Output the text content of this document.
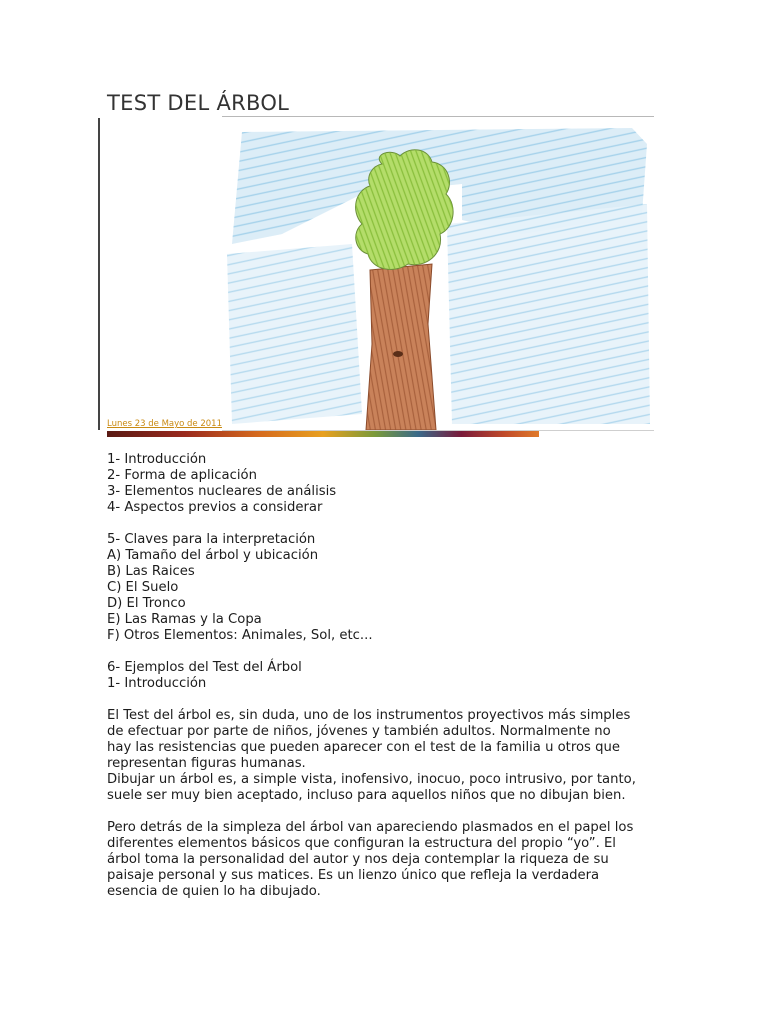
TEST DEL ÁRBOL
Lunes 23 de Mayo de 2011
1- Introducción
2- Forma de aplicación
3- Elementos nucleares de análisis
4- Aspectos previos a considerar
5- Claves para la interpretación
A) Tamaño del árbol y ubicación
B) Las Raices
C) El Suelo
D) El Tronco
E) Las Ramas y la Copa
F) Otros Elementos: Animales, Sol, etc...
6- Ejemplos del Test del Árbol
1- Introducción
El Test del árbol es, sin duda, uno de los instrumentos proyectivos más simples
de efectuar por parte de niños, jóvenes y también adultos. Normalmente no
hay las resistencias que pueden aparecer con el test de la familia u otros que
representan figuras humanas.
Dibujar un árbol es, a simple vista, inofensivo, inocuo, poco intrusivo, por tanto,
suele ser muy bien aceptado, incluso para aquellos niños que no dibujan bien.
Pero detrás de la simpleza del árbol van apareciendo plasmados en el papel los
diferentes elementos básicos que configuran la estructura del propio “yo”. El
árbol toma la personalidad del autor y nos deja contemplar la riqueza de su
paisaje personal y sus matices. Es un lienzo único que refleja la verdadera
esencia de quien lo ha dibujado.
